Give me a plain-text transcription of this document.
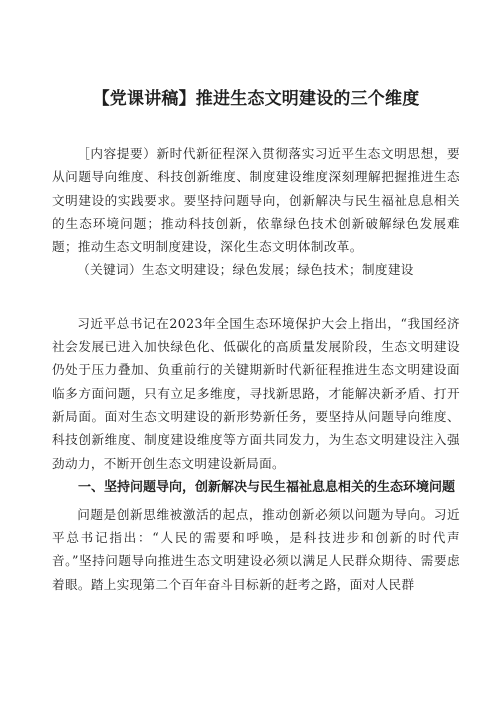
【党课讲稿】推进生态文明建设的三个维度

［内容提要）新时代新征程深入贯彻落实习近平生态文明思想，要从问题导向维度、科技创新维度、制度建设维度深刻理解把握推进生态文明建设的实践要求。要坚持问题导向，创新解决与民生福祉息息相关的生态环境问题；推动科技创新，依靠绿色技术创新破解绿色发展难题；推动生态文明制度建设，深化生态文明体制改革。

（关键词）生态文明建设；绿色发展；绿色技术；制度建设

习近平总书记在2023年全国生态环境保护大会上指出，“我国经济社会发展已进入加快绿色化、低碳化的高质量发展阶段，生态文明建设仍处于压力叠加、负重前行的关键期新时代新征程推进生态文明建设面临多方面问题，只有立足多维度，寻找新思路，才能解决新矛盾、打开新局面。面对生态文明建设的新形势新任务，要坚持从问题导向维度、科技创新维度、制度建设维度等方面共同发力，为生态文明建设注入强劲动力，不断开创生态文明建设新局面。

一、坚持问题导向，创新解决与民生福祉息息相关的生态环境问题

问题是创新思维被激活的起点，推动创新必须以问题为导向。习近平总书记指出：“人民的需要和呼唤，是科技进步和创新的时代声音。”坚持问题导向推进生态文明建设必须以满足人民群众期待、需要虑着眼。踏上实现第二个百年奋斗目标新的赶考之路，面对人民群
